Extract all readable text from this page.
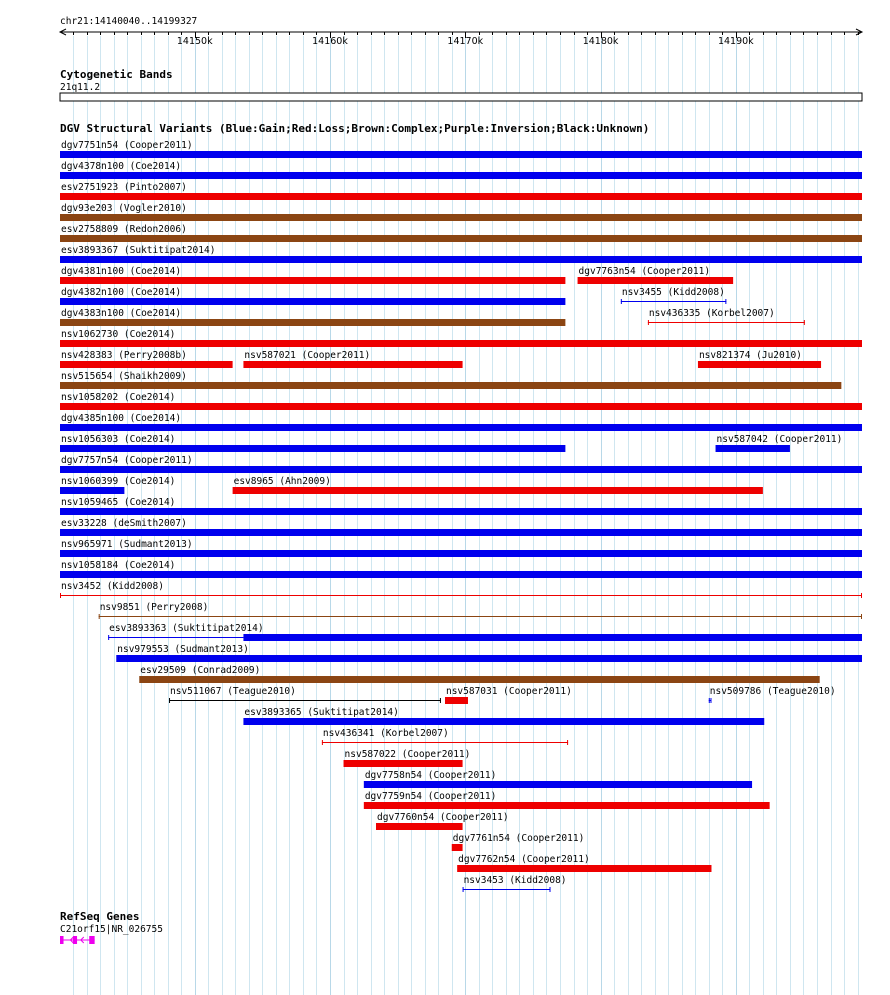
chr21:14140040..14199327
14150k	14160k	14170k	14180k	14190k
Cytogenetic Bands
21q11.2
DGV Structural Variants (Blue:Gain;Red:Loss;Brown:Complex;Purple:Inversion;Black:Unknown)
dgv7751n54 (Cooper2011)
dgv4378n100 (Coe2014)
esv2751923 (Pinto2007)
dgv93e203 (Vogler2010)
esv2758809 (Redon2006)
esv3893367 (Suktitipat2014)
dgv4381n100 (Coe2014)	dgv7763n54 (Cooper2011)
dgv4382n100 (Coe2014)	nsv3455 (Kidd2008)
dgv4383n100 (Coe2014)	nsv436335 (Korbel2007)
nsv1062730 (Coe2014)
nsv428383 (Perry2008b)	nsv587021 (Cooper2011)	nsv821374 (Ju2010)
nsv515654 (Shaikh2009)
nsv1058202 (Coe2014)
dgv4385n100 (Coe2014)
nsv1056303 (Coe2014)	nsv587042 (Cooper2011)
dgv7757n54 (Cooper2011)
nsv1060399 (Coe2014)	esv8965 (Ahn2009)
nsv1059465 (Coe2014)
esv33228 (deSmith2007)
nsv965971 (Sudmant2013)
nsv1058184 (Coe2014)
nsv3452 (Kidd2008)
nsv9851 (Perry2008)
esv3893363 (Suktitipat2014)
nsv979553 (Sudmant2013)
esv29509 (Conrad2009)
nsv511067 (Teague2010)	nsv587031 (Cooper2011)	nsv509786 (Teague2010)
esv3893365 (Suktitipat2014)
nsv436341 (Korbel2007)
nsv587022 (Cooper2011)
dgv7758n54 (Cooper2011)
dgv7759n54 (Cooper2011)
dgv7760n54 (Cooper2011)
dgv7761n54 (Cooper2011)
dgv7762n54 (Cooper2011)
nsv3453 (Kidd2008)
RefSeq Genes
C21orf15|NR_026755
